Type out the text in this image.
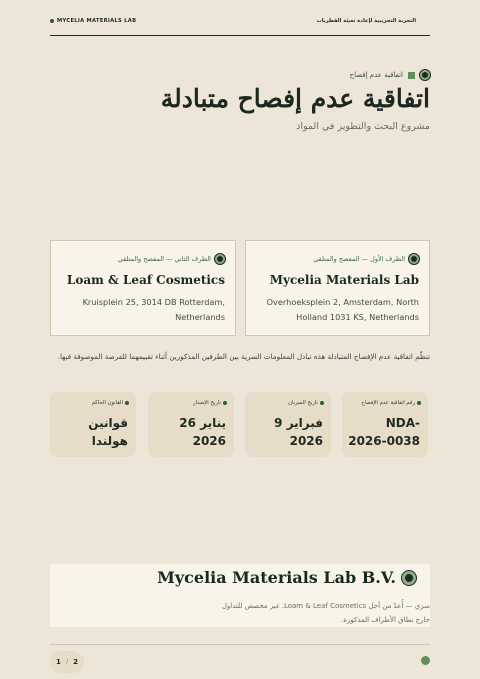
MYCELIA MATERIALS LAB	التجربة التجريبية لإعادة تعبئة الفطريات
اتفاقية عدم إفصاح
اتفاقية عدم إفصاح متبادلة
مشروع البحث والتطوير في المواد
الطرف الأول — المفصح والمتلقي
Mycelia Materials Lab
Overhoeksplein 2, Amsterdam, North Holland 1031 KS, Netherlands
الطرف الثاني — المفصح والمتلقي
Loam & Leaf Cosmetics
Kruisplein 25, 3014 DB Rotterdam, Netherlands
تنظّم اتفاقية عدم الإفصاح المتبادلة هذه تبادل المعلومات السرية بين الطرفين المذكورين أثناء تقييمهما للفرصة الموصوفة فيها.
رقم اتفاقية عدم الإفصاح
NDA-2026-0038
تاريخ السريان
9 فبراير 2026
تاريخ الإصدار
26 يناير 2026
القانون الحاكم
قوانين هولندا
Mycelia Materials Lab B.V.
سري — أُعدّ من أجل Loam & Leaf Cosmetics. غير مخصص للتداول خارج نطاق الأطراف المذكورة.
1 / 2
